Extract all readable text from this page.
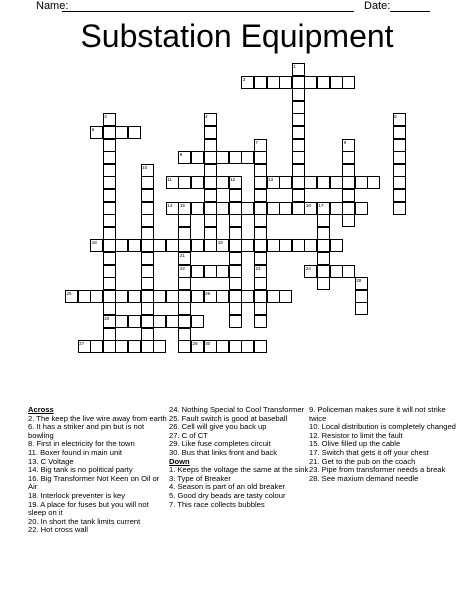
Name:	Date:
Substation Equipment
1
2
3	4	5
6
7
8
9
10
11	12	13
14 15	16 17
18	19
20
21
22	23	24
25	26
27
28
29 30
Across
2. The keep the live wire away from earth
6. It has a striker and pin but is not bowling
8. First in electricity for the town
11. Boxer found in main unit
13. C Voltage
14. Big tank is no political party
16. Big Transformer Not Keen on Oil or Air
18. Interlock preventer is key
19. A place for fuses but you will not sleep on it
20. In short the tank limits current
22. Hot cross wall
24. Nothing Special to Cool Transformer
25. Fault switch is good at baseball
26. Cell will give you back up
27. C of CT
29. Like fuse completes circuit
30. Bus that links front and back
Down
1. Keeps the voltage the same at the sink
3. Type of Breaker
4. Season is part of an old breaker
5. Good dry beads are tasty colour
7. This race collects bubbles
9. Policeman makes sure it will not strike twice
10. Local distribution is completely changed
12. Resistor to limit the fault
15. Olive filled up the cable
17. Switch that gets it off your chest
21. Get to the pub on the coach
23. Pipe from transformer needs a break
28. See maxium demand needle
